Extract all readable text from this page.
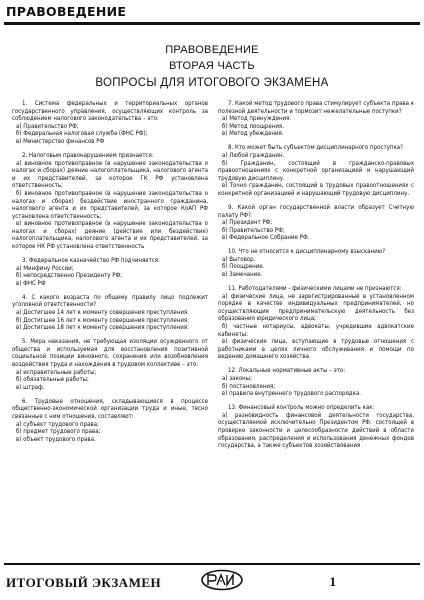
ПРАВОВЕДЕНИЕ
ПРАВОВЕДЕНИЕ
ВТОРАЯ ЧАСТЬ
ВОПРОСЫ ДЛЯ ИТОГОВОГО ЭКЗАМЕНА
1. Система федеральных и территориальных органов государственного управления, осуществляющих контроль за соблюдением налогового законодательства – это:
а) Правительство РФ;
б) Федеральная налоговая служба (ФНС РФ);
в) Министерство финансов РФ
2. Налоговым правонарушением признается:
а) виновное противоправное (в нарушение законодательства о налогах и сборах) деяние налогоплательщика, налогового агента и их представителей, за которое ГК РФ установлена ответственность;
б) виновное противоправное (в нарушение законодательства о налогах и сборах) бездействие иностранного гражданина, налогового агента и их представителей, за которое КоАП РФ установлена ответственность;
в) виновное противоправное (в нарушение законодательства о налогах и сборах) деяние (действие или бездействие) налогоплательщика, налогового агента и их представителей, за которое НК РФ установлена ответственность
3. Федеральное казначейство РФ подчиняется:
а) Минфину России;
б) непосредственно Президенту РФ;
в) ФНС РФ
4. С какого возраста по общему правилу лицо подлежит уголовной ответственности?
а) Достигшее 14 лет к моменту совершения преступления.
б) Достигшее 16 лет к моменту совершения преступления.
в) Достигшее 18 лет к моменту совершения преступления.
5. Мера наказания, не требующая изоляции осужденного от общества и используемая для восстановления позитивной социальной позиции виновного, сохранения или возобновления воздействия труда и нахождения в трудовом коллективе – это:
а) исправительные работы;
б) обязательные работы;
в) штраф.
6. Трудовые отношения, складывающиеся в процессе общественно-экономической организации труда и иные, тесно связанные с ним отношения, составляют:
а) субъект трудового права;
б) предмет трудового права;
в) объект трудового права.
7. Какой метод трудового права стимулирует субъекта права к полезной деятельности и тормозит нежелательные поступки?
а) Метод принуждения.
б) Метод поощрения.
в) Метод убеждения.
8. Кто может быть субъектом дисциплинарного проступка?
а) Любой гражданин.
б) Гражданин, состоящий в гражданско-правовых правоотношениях с конкретной организацией и нарушающий трудовую дисциплину.
в) Точно гражданин, состоящий в трудовых правоотношениях с конкретной организацией и нарушающий трудовую дисциплину.
9. Какой орган государственной власти образует Счетную палату РФ?
а) Президент РФ;
б) Правительство РФ;
в) Федеральное Собрание РФ.
10. Что не относится к дисциплинарному взысканию?
а) Выговор.
б) Поощрение.
в) Замечание.
11. Работодателями - физическими лицами не признаются:
а) физические лица, не зарегистрированные в установленном порядке в качестве индивидуальных предпринимателей, но осуществляющие предпринимательскую деятельность без образования юридического лица;
б) частные нотариусы, адвокаты, учредившие адвокатские кабинеты;
в) физические лица, вступающие в трудовые отношения с работниками в целях личного обслуживания и помощи по ведению домашнего хозяйства.
12. Локальные нормативные акты – это:
а) законы;
б) постановления;
в) правила внутреннего трудового распорядка.
13. Финансовый контроль можно определить как:
а) разновидность финансовой деятельности государства, осуществляемой исключительно Президентом РФ, состоящей в проверке законности и целесообразности действий в области образования, распределения и использования денежных фондов государства, а также субъектов хозяйствования
ИТОГОВЫЙ ЭКЗАМЕН	1
